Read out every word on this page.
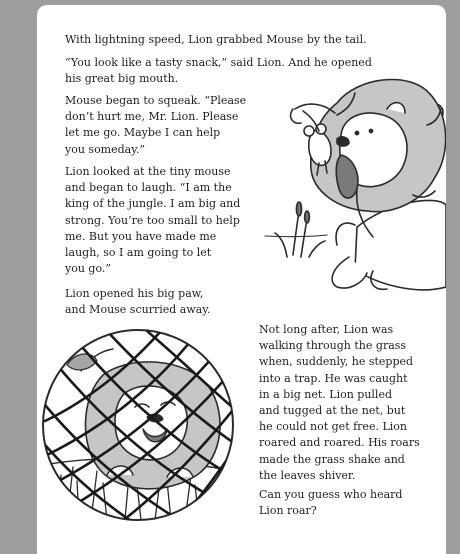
With lightning speed, Lion grabbed Mouse by the tail.

“You look like a tasty snack,” said Lion. And he opened
his great big mouth.

Mouse began to squeak. “Please
don’t hurt me, Mr. Lion. Please
let me go. Maybe I can help
you someday.”

Lion looked at the tiny mouse
and began to laugh. “I am the
king of the jungle. I am big and
strong. You’re too small to help
me. But you have made me
laugh, so I am going to let
you go.”

Lion opened his big paw,
and Mouse scurried away.

Not long after, Lion was
walking through the grass
when, suddenly, he stepped
into a trap. He was caught
in a big net. Lion pulled
and tugged at the net, but
he could not get free. Lion
roared and roared. His roars
made the grass shake and
the leaves shiver.

Can you guess who heard
Lion roar?
